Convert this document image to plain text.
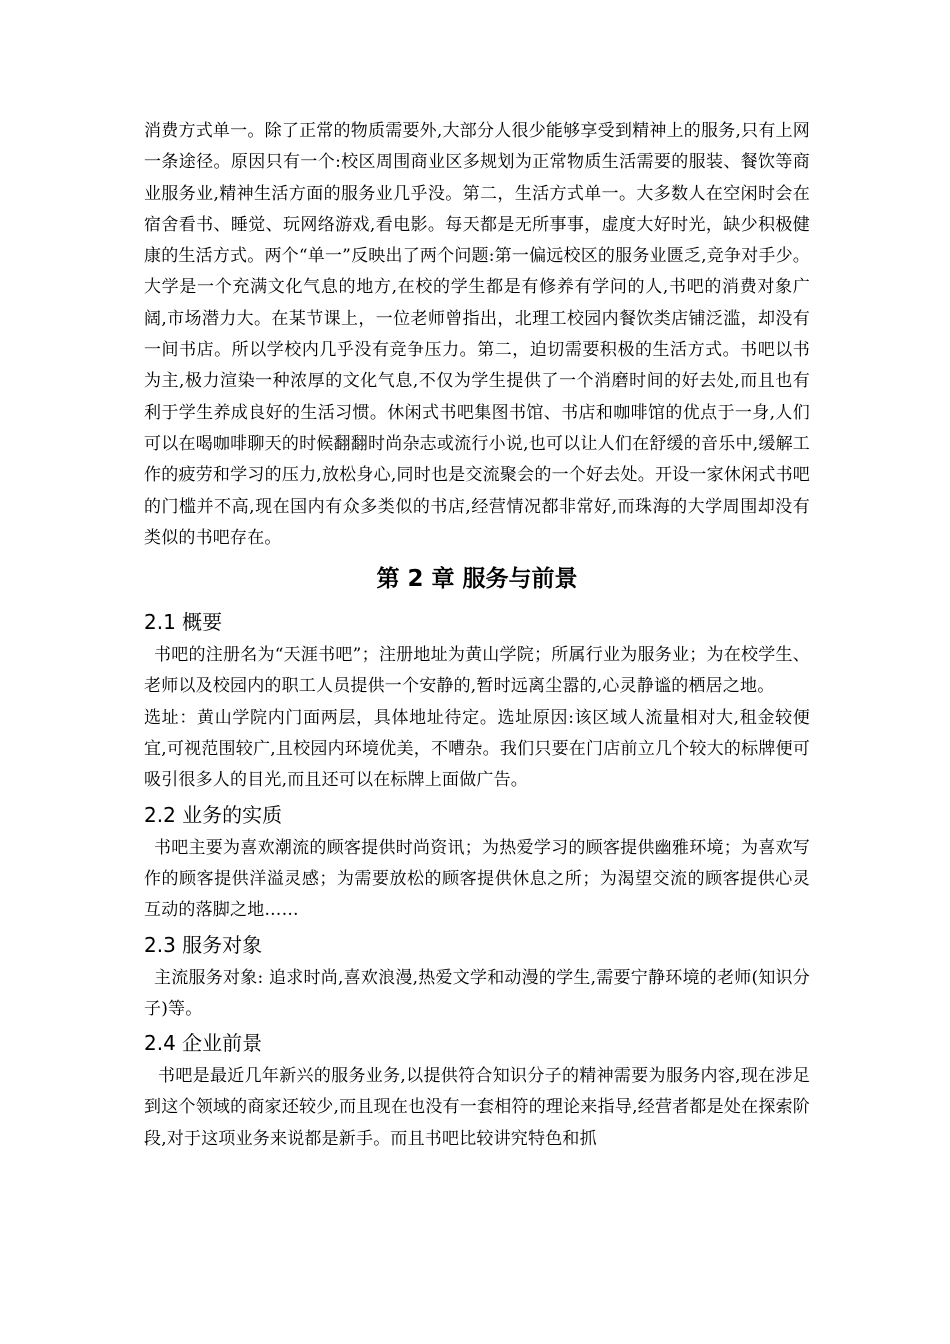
消费方式单一。除了正常的物质需要外,大部分人很少能够享受到精神上的服务,只有上网一条途径。原因只有一个:校区周围商业区多规划为正常物质生活需要的服装、餐饮等商业服务业,精神生活方面的服务业几乎没。第二，生活方式单一。大多数人在空闲时会在宿舍看书、睡觉、玩网络游戏,看电影。每天都是无所事事，虚度大好时光，缺少积极健康的生活方式。两个“单一”反映出了两个问题:第一偏远校区的服务业匮乏,竞争对手少。大学是一个充满文化气息的地方,在校的学生都是有修养有学问的人,书吧的消费对象广阔,市场潜力大。在某节课上，一位老师曾指出，北理工校园内餐饮类店铺泛滥，却没有一间书店。所以学校内几乎没有竞争压力。第二，迫切需要积极的生活方式。书吧以书为主,极力渲染一种浓厚的文化气息,不仅为学生提供了一个消磨时间的好去处,而且也有利于学生养成良好的生活习惯。休闲式书吧集图书馆、书店和咖啡馆的优点于一身,人们可以在喝咖啡聊天的时候翻翻时尚杂志或流行小说,也可以让人们在舒缓的音乐中,缓解工作的疲劳和学习的压力,放松身心,同时也是交流聚会的一个好去处。开设一家休闲式书吧的门槛并不高,现在国内有众多类似的书店,经营情况都非常好,而珠海的大学周围却没有类似的书吧存在。

第 2 章 服务与前景
2.1 概要

书吧的注册名为“天涯书吧”；注册地址为黄山学院；所属行业为服务业；为在校学生、老师以及校园内的职工人员提供一个安静的,暂时远离尘嚣的,心灵静谧的栖居之地。

选址：黄山学院内门面两层，具体地址待定。选址原因:该区域人流量相对大,租金较便宜,可视范围较广,且校园内环境优美，不嘈杂。我们只要在门店前立几个较大的标牌便可吸引很多人的目光,而且还可以在标牌上面做广告。

2.2 业务的实质

书吧主要为喜欢潮流的顾客提供时尚资讯；为热爱学习的顾客提供幽雅环境；为喜欢写作的顾客提供洋溢灵感；为需要放松的顾客提供休息之所；为渴望交流的顾客提供心灵互动的落脚之地……

2.3 服务对象

主流服务对象: 追求时尚,喜欢浪漫,热爱文学和动漫的学生,需要宁静环境的老师(知识分子)等。

2.4 企业前景

书吧是最近几年新兴的服务业务,以提供符合知识分子的精神需要为服务内容,现在涉足到这个领域的商家还较少,而且现在也没有一套相符的理论来指导,经营者都是处在探索阶段,对于这项业务来说都是新手。而且书吧比较讲究特色和抓
